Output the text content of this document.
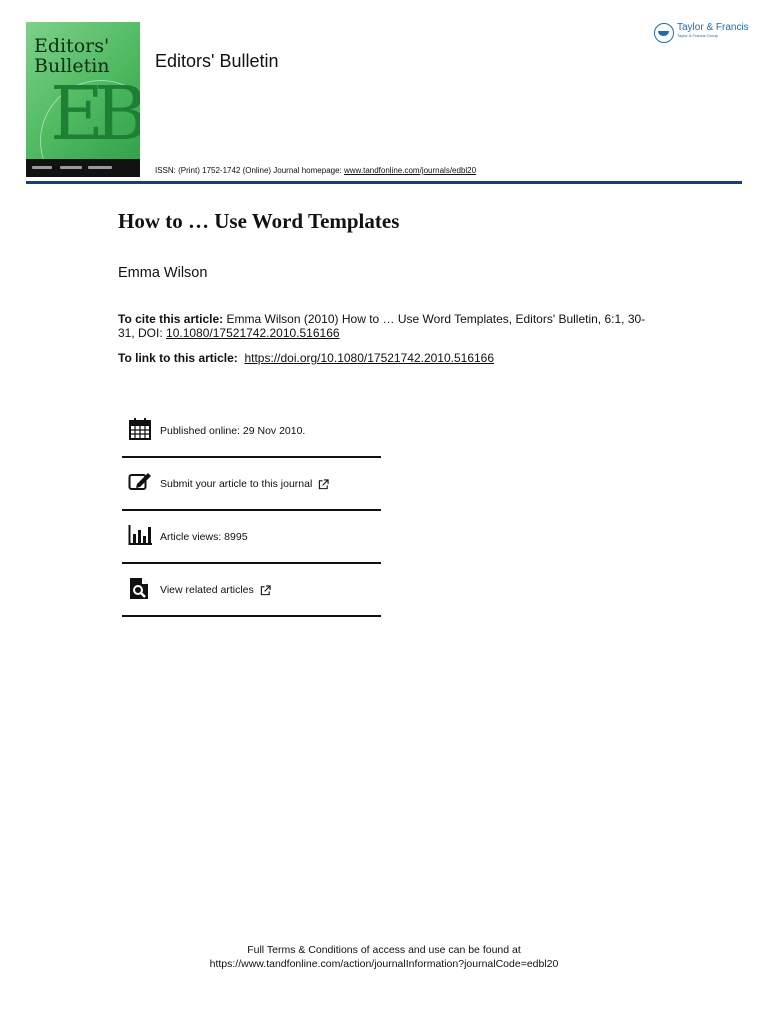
EB
Editors'
Bulletin	Editors' Bulletin
Taylor & Francis
Taylor & Francis Group
ISSN: (Print) 1752-1742 (Online) Journal homepage: www.tandfonline.com/journals/edbl20
How to … Use Word Templates
Emma Wilson
To cite this article: Emma Wilson (2010) How to … Use Word Templates, Editors' Bulletin, 6:1, 30-31, DOI: 10.1080/17521742.2010.516166
To link to this article: https://doi.org/10.1080/17521742.2010.516166
Published online: 29 Nov 2010.
Submit your article to this journal
Article views: 8995
View related articles
Full Terms & Conditions of access and use can be found at
https://www.tandfonline.com/action/journalInformation?journalCode=edbl20
